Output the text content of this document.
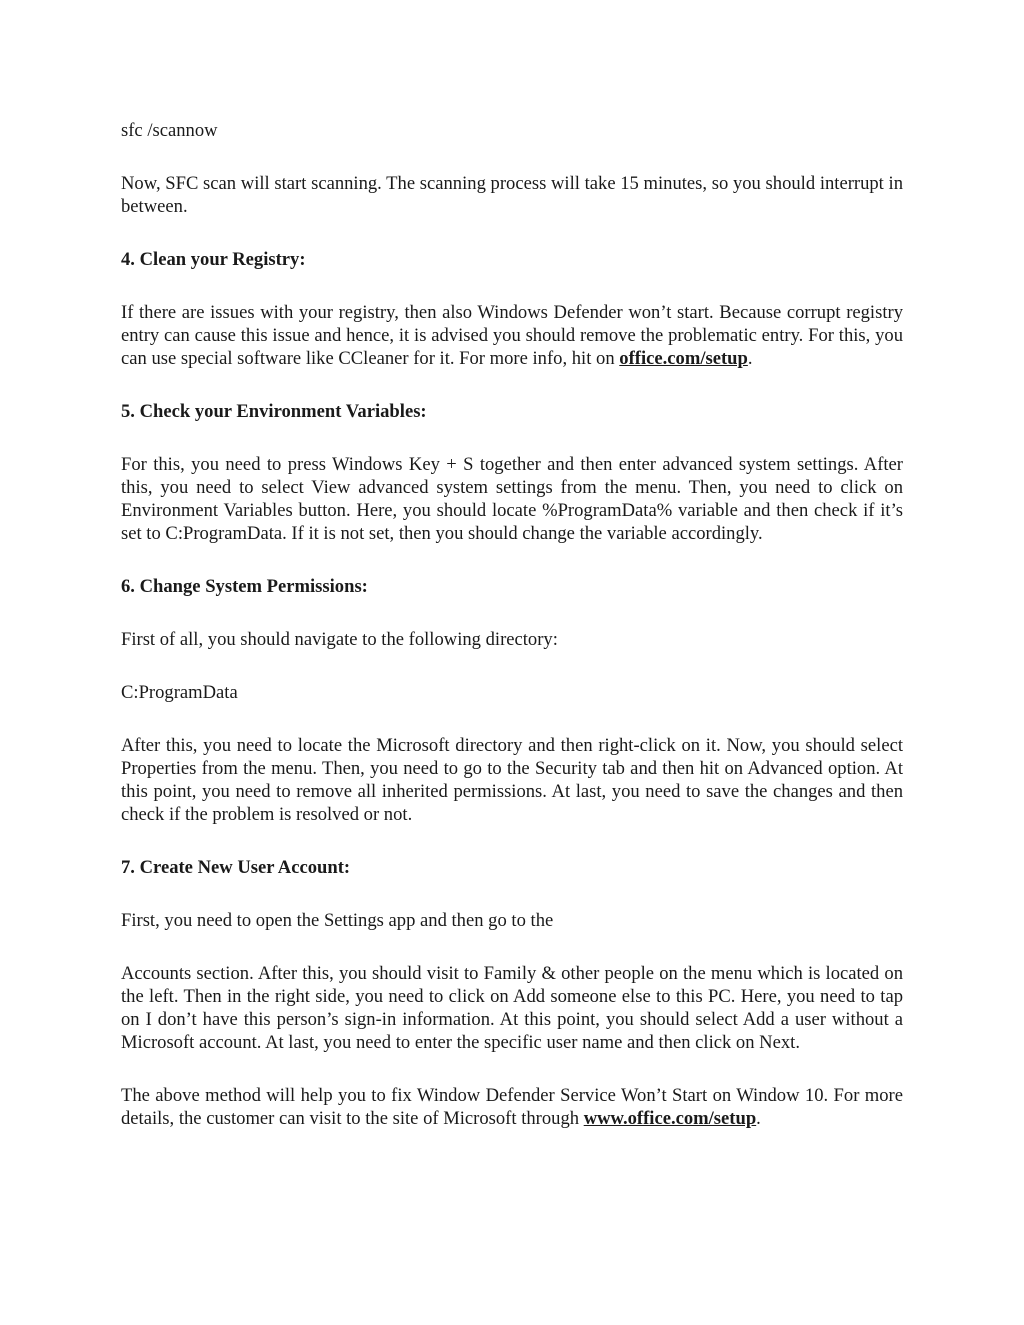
sfc /scannow

Now, SFC scan will start scanning. The scanning process will take 15 minutes, so you should interrupt in between.

4. Clean your Registry:

If there are issues with your registry, then also Windows Defender won’t start. Because corrupt registry entry can cause this issue and hence, it is advised you should remove the problematic entry. For this, you can use special software like CCleaner for it. For more info, hit on office.com/setup.

5. Check your Environment Variables:

For this, you need to press Windows Key + S together and then enter advanced system settings. After this, you need to select View advanced system settings from the menu. Then, you need to click on Environment Variables button. Here, you should locate %ProgramData% variable and then check if it’s set to C:ProgramData. If it is not set, then you should change the variable accordingly.

6. Change System Permissions:

First of all, you should navigate to the following directory:

C:ProgramData

After this, you need to locate the Microsoft directory and then right-click on it. Now, you should select Properties from the menu. Then, you need to go to the Security tab and then hit on Advanced option. At this point, you need to remove all inherited permissions. At last, you need to save the changes and then check if the problem is resolved or not.

7. Create New User Account:

First, you need to open the Settings app and then go to the

Accounts section. After this, you should visit to Family & other people on the menu which is located on the left. Then in the right side, you need to click on Add someone else to this PC. Here, you need to tap on I don’t have this person’s sign-in information. At this point, you should select Add a user without a Microsoft account. At last, you need to enter the specific user name and then click on Next.

The above method will help you to fix Window Defender Service Won’t Start on Window 10. For more details, the customer can visit to the site of Microsoft through www.office.com/setup.
